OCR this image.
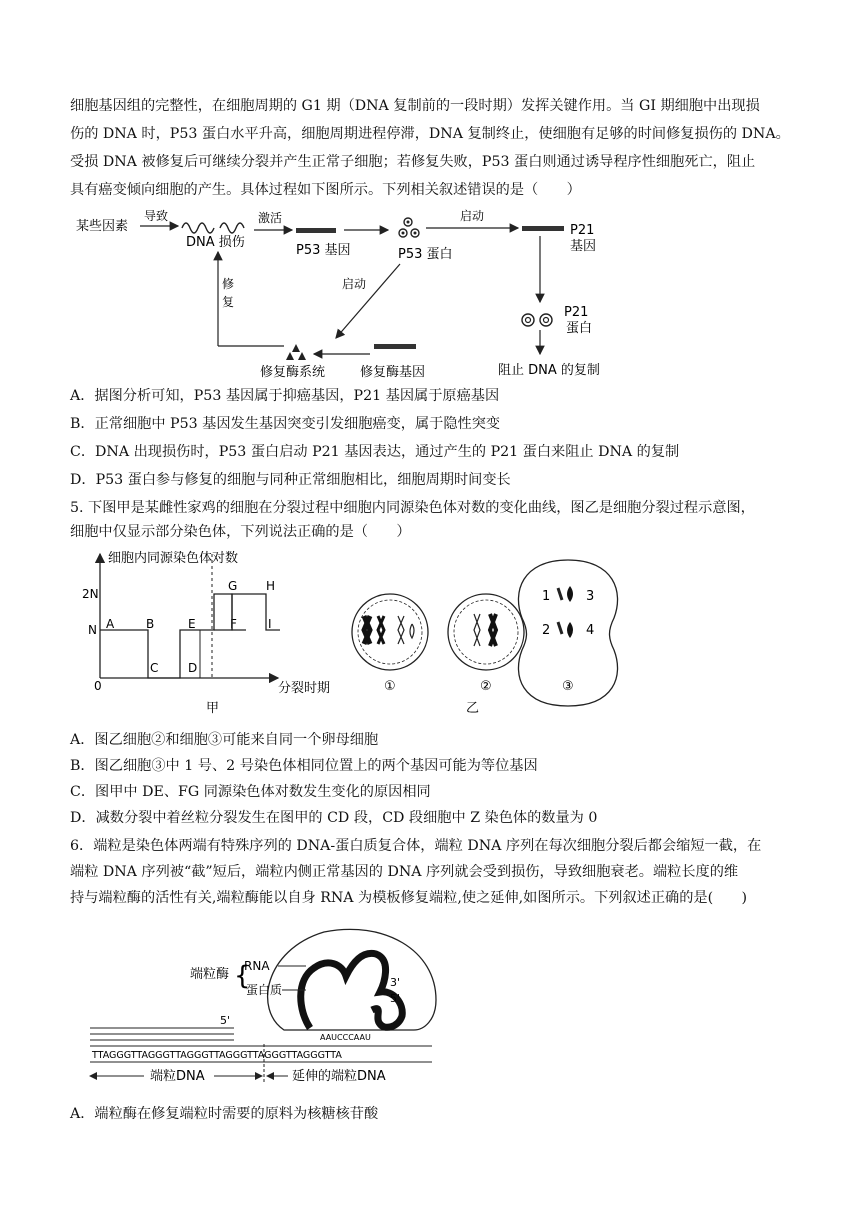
细胞基因组的完整性，在细胞周期的 G1 期（DNA 复制前的一段时期）发挥关键作用。当 GI 期细胞中出现损
伤的 DNA 时，P53 蛋白水平升高，细胞周期进程停滞，DNA 复制终止，使细胞有足够的时间修复损伤的 DNA。
受损 DNA 被修复后可继续分裂并产生正常子细胞；若修复失败，P53 蛋白则通过诱导程序性细胞死亡，阻止
具有癌变倾向细胞的产生。具体过程如下图所示。下列相关叙述错误的是（　　）
某些因素
导致
DNA 损伤
激活
P53 基因	P53 蛋白
启动
P21
基因
P21
蛋白
阻止 DNA 的复制
启动
修
复
修复酶系统	修复酶基因
A．据图分析可知，P53 基因属于抑癌基因，P21 基因属于原癌基因
B．正常细胞中 P53 基因发生基因突变引发细胞癌变，属于隐性突变
C．DNA 出现损伤时，P53 蛋白启动 P21 基因表达，通过产生的 P21 蛋白来阻止 DNA 的复制
D．P53 蛋白参与修复的细胞与同种正常细胞相比，细胞周期时间变长
5. 下图甲是某雌性家鸡的细胞在分裂过程中细胞内同源染色体对数的变化曲线，图乙是细胞分裂过程示意图，
细胞中仅显示部分染色体，下列说法正确的是（　　）
细胞内同源染色体对数
2N
N
0	分裂时期
甲
A	B
C D
E	F
G H
I
1	3
2	4
①	②	③
乙
A．图乙细胞②和细胞③可能来自同一个卵母细胞
B．图乙细胞③中 1 号、2 号染色体相同位置上的两个基因可能为等位基因
C．图甲中 DE、FG 同源染色体对数发生变化的原因相同
D．减数分裂中着丝粒分裂发生在图甲的 CD 段，CD 段细胞中 Z 染色体的数量为 0
6．端粒是染色体两端有特殊序列的 DNA-蛋白质复合体，端粒 DNA 序列在每次细胞分裂后都会缩短一截，在
端粒 DNA 序列被“截”短后，端粒内侧正常基因的 DNA 序列就会受到损伤，导致细胞衰老。端粒长度的维
持与端粒酶的活性有关,端粒酶能以自身 RNA 为模板修复端粒,使之延伸,如图所示。下列叙述正确的是(　　)
端粒酶 {
RNA
蛋白质
3'
5'
5'
AAUCCCAAU
TTAGGGTTAGGGTTAGGGTTAGGGTTAGGGTTAGGGTTA
端粒DNA	延伸的端粒DNA
A．端粒酶在修复端粒时需要的原料为核糖核苷酸
